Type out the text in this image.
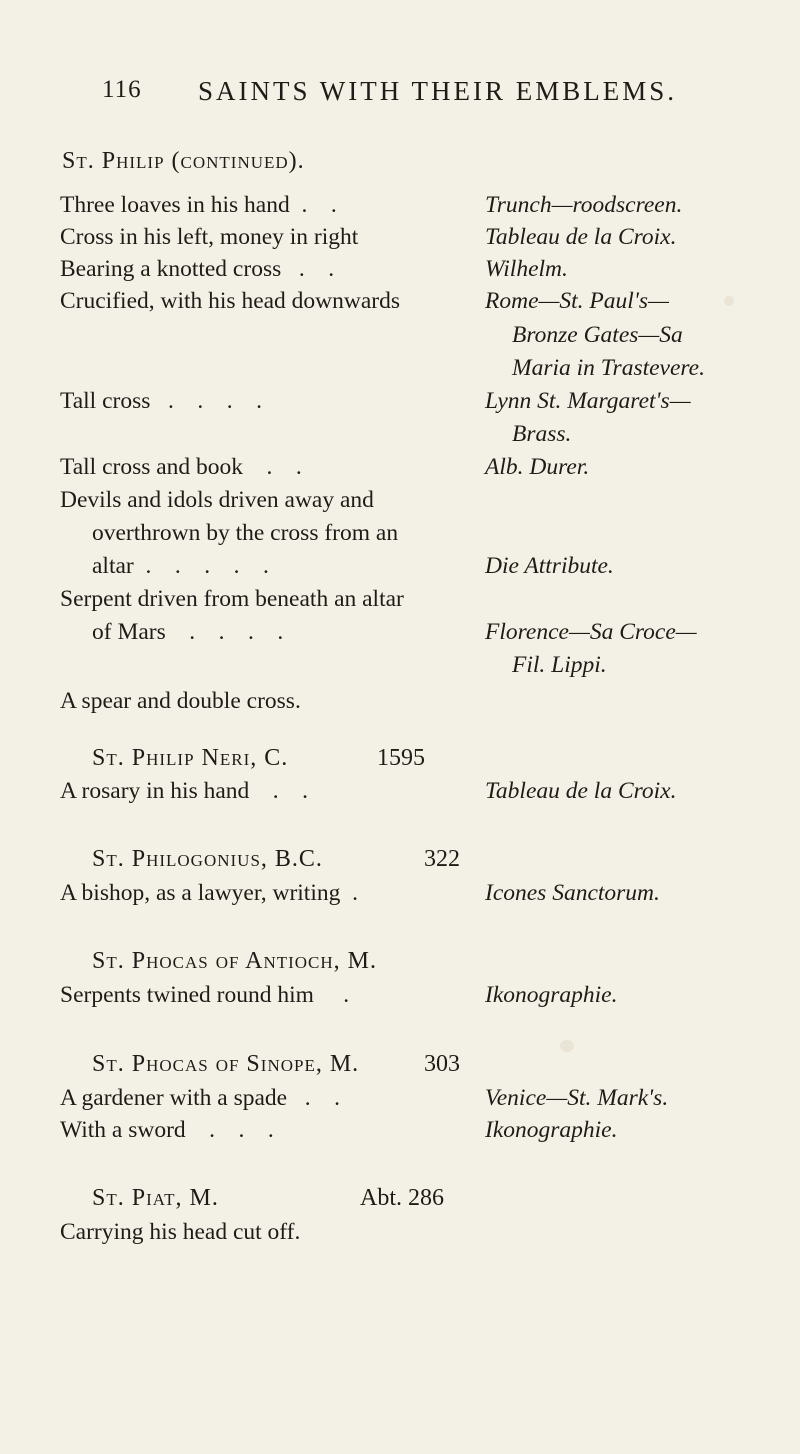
116 SAINTS WITH THEIR EMBLEMS.
St. Philip (continued).
Three loaves in his hand  .    .	Trunch—roodscreen.
Cross in his left, money in right	Tableau de la Croix.
Bearing a knotted cross   .    .	Wilhelm.
Crucified, with his head downwards	Rome—St. Paul's—
Bronze Gates—Sa
Maria in Trastevere.
Tall cross   .    .    .    .	Lynn St. Margaret's—
Brass.
Tall cross and book    .    .	Alb. Durer.
Devils and idols driven away and
overthrown by the cross from an
altar  .    .    .    .    .	Die Attribute.
Serpent driven from beneath an altar
of Mars    .    .    .    .	Florence—Sa Croce—
Fil. Lippi.
A spear and double cross.
St. Philip Neri, C.	1595
A rosary in his hand    .    .	Tableau de la Croix.
St. Philogonius, B.C.	322
A bishop, as a lawyer, writing  .	Icones Sanctorum.
St. Phocas of Antioch, M.
Serpents twined round him     .	Ikonographie.
St. Phocas of Sinope, M.	303
A gardener with a spade   .    .	Venice—St. Mark's.
With a sword    .    .    .	Ikonographie.
St. Piat, M.	Abt. 286
Carrying his head cut off.
